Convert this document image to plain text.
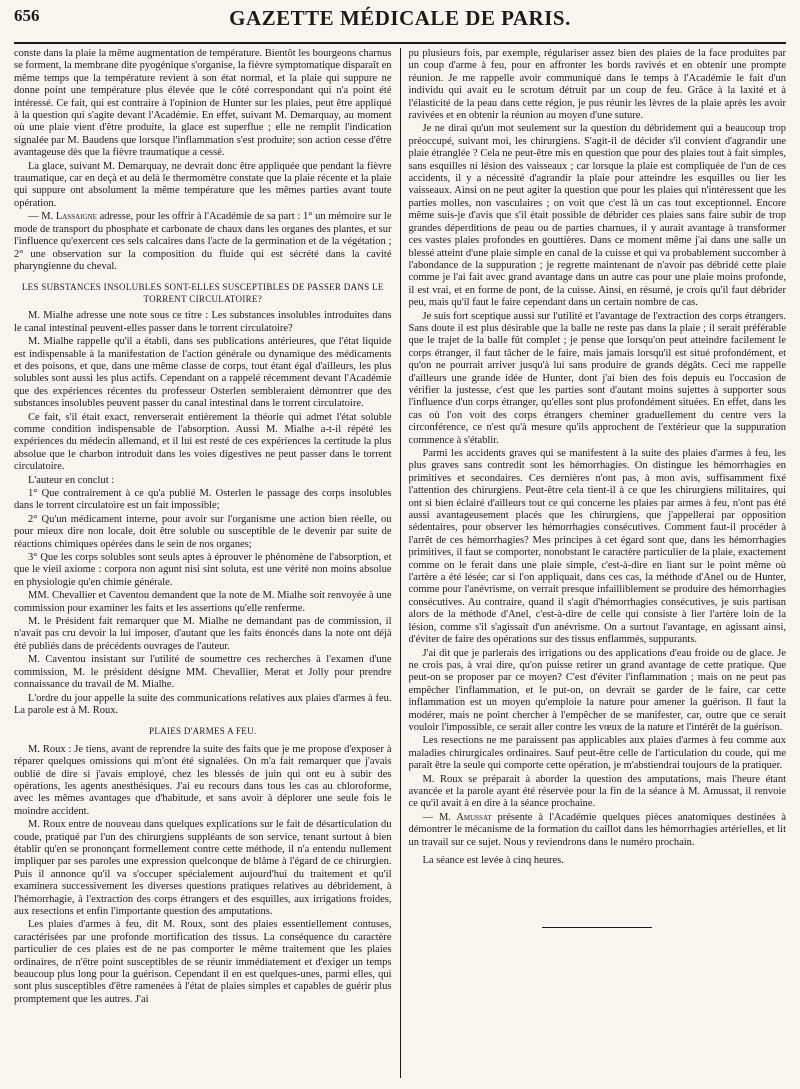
656	GAZETTE MÉDICALE DE PARIS.

conste dans la plaie la même augmentation de température. Bientôt les bourgeons charnus se forment, la membrane dite pyogénique s'organise, la fièvre symptomatique disparaît en même temps que la température revient à son état normal, et la plaie qui suppure ne donne point une température plus élevée que le côté correspondant qui n'a point été intéressé. Ce fait, qui est contraire à l'opinion de Hunter sur les plaies, peut être appliqué à la question qui s'agite devant l'Académie. En effet, suivant M. Demarquay, au moment où une plaie vient d'être produite, la glace est superflue ; elle ne remplit l'indication signalée par M. Baudens que lorsque l'inflammation s'est produite; son action cesse d'être avantageuse dès que la fièvre traumatique a cessé.

La glace, suivant M. Demarquay, ne devrait donc être appliquée que pendant la fièvre traumatique, car en deçà et au delà le thermomètre constate que la plaie récente et la plaie qui suppure ont absolument la même température que les mêmes parties avant toute opération.

— M. Lassaigne adresse, pour les offrir à l'Académie de sa part : 1° un mémoire sur le mode de transport du phosphate et carbonate de chaux dans les organes des plantes, et sur l'influence qu'exercent ces sels calcaires dans l'acte de la germination et de la végétation ; 2° une observation sur la composition du fluide qui est sécrété dans la cavité pharyngienne du cheval.

LES SUBSTANCES INSOLUBLES SONT-ELLES SUSCEPTIBLES DE PASSER DANS LE TORRENT CIRCULATOIRE?

M. Mialhe adresse une note sous ce titre : Les substances insolubles introduites dans le canal intestinal peuvent-elles passer dans le torrent circulatoire?

M. Mialhe rappelle qu'il a établi, dans ses publications antérieures, que l'état liquide est indispensable à la manifestation de l'action générale ou dynamique des médicaments et des poisons, et que, dans une même classe de corps, tout étant égal d'ailleurs, les plus solubles sont aussi les plus actifs. Cependant on a rappelé récemment devant l'Académie que des expériences récentes du professeur Osterlen sembleraient démontrer que des substances insolubles peuvent passer du canal intestinal dans le torrent circulatoire.

Ce fait, s'il était exact, renverserait entièrement la théorie qui admet l'état soluble comme condition indispensable de l'absorption. Aussi M. Mialhe a-t-il répété les expériences du médecin allemand, et il lui est resté de ces expériences la certitude la plus absolue que le charbon introduit dans les voies digestives ne peut passer dans le torrent circulatoire.

L'auteur en conclut :

1° Que contrairement à ce qu'a publié M. Osterlen le passage des corps insolubles dans le torrent circulatoire est un fait impossible;

2° Qu'un médicament interne, pour avoir sur l'organisme une action bien réelle, ou pour mieux dire non locale, doit être soluble ou susceptible de le devenir par suite de réactions chimiques opérées dans le sein de nos organes;

3° Que les corps solubles sont seuls aptes à éprouver le phénomène de l'absorption, et que le vieil axiome : corpora non agunt nisi sint soluta, est une vérité non moins absolue en physiologie qu'en chimie générale.

MM. Chevallier et Caventou demandent que la note de M. Mialhe soit renvoyée à une commission pour examiner les faits et les assertions qu'elle renferme.

M. le Président fait remarquer que M. Mialhe ne demandant pas de commission, il n'avait pas cru devoir la lui imposer, d'autant que les faits énoncés dans la note ont déjà été publiés dans de précédents ouvrages de l'auteur.

M. Caventou insistant sur l'utilité de soumettre ces recherches à l'examen d'une commission, M. le président désigne MM. Chevallier, Merat et Jolly pour prendre connaissance du travail de M. Mialhe.

L'ordre du jour appelle la suite des communications relatives aux plaies d'armes à feu. La parole est à M. Roux.

PLAIES D'ARMES A FEU.

M. Roux : Je tiens, avant de reprendre la suite des faits que je me propose d'exposer à réparer quelques omissions qui m'ont été signalées. On m'a fait remarquer que j'avais oublié de dire si j'avais employé, chez les blessés de juin qui ont eu à subir des opérations, les agents anesthésiques. J'ai eu recours dans tous les cas au chloroforme, avec les mêmes avantages que d'habitude, et sans avoir à déplorer une seule fois le moindre accident.

M. Roux entre de nouveau dans quelques explications sur le fait de désarticulation du coude, pratiqué par l'un des chirurgiens suppléants de son service, tenant surtout à bien établir qu'en se prononçant formellement contre cette méthode, il n'a entendu nullement impliquer par ses paroles une expression quelconque de blâme à l'égard de ce chirurgien. Puis il annonce qu'il va s'occuper spécialement aujourd'hui du traitement et qu'il examinera successivement les diverses questions pratiques relatives au débridement, à l'hémorrhagie, à l'extraction des corps étrangers et des esquilles, aux irrigations froides, aux resections et enfin l'importante question des amputations.

Les plaies d'armes à feu, dit M. Roux, sont des plaies essentiellement contuses, caractérisées par une profonde mortification des tissus. La conséquence du caractère particulier de ces plaies est de ne pas comporter le même traitement que les plaies ordinaires, de n'être point susceptibles de se réunir immédiatement et d'exiger un temps beaucoup plus long pour la guérison. Cependant il en est quelques-unes, parmi elles, qui sont plus susceptibles d'être ramenées à l'état de plaies simples et capables de guérir plus promptement que les autres. J'ai

pu plusieurs fois, par exemple, régulariser assez bien des plaies de la face produites par un coup d'arme à feu, pour en affronter les bords ravivés et en obtenir une prompte réunion. Je me rappelle avoir communiqué dans le temps à l'Académie le fait d'un individu qui avait eu le scrotum détruit par un coup de feu. Grâce à la laxité et à l'élasticité de la peau dans cette région, je pus réunir les lèvres de la plaie après les avoir ravivées et en obtenir la réunion au moyen d'une suture.

Je ne dirai qu'un mot seulement sur la question du débridement qui a beaucoup trop préoccupé, suivant moi, les chirurgiens. S'agit-il de décider s'il convient d'agrandir une plaie étranglée ? Cela ne peut-être mis en question que pour des plaies tout à fait simples, sans esquilles ni lésion des vaisseaux ; car lorsque la plaie est compliquée de l'un de ces accidents, il y a nécessité d'agrandir la plaie pour atteindre les esquilles ou lier les vaisseaux. Ainsi on ne peut agiter la question que pour les plaies qui n'intéressent que les parties molles, non vasculaires ; on voit que c'est là un cas tout exceptionnel. Encore même suis-je d'avis que s'il était possible de débrider ces plaies sans faire subir de trop grandes déperditions de peau ou de parties charnues, il y aurait avantage à transformer ces vastes plaies profondes en gouttières. Dans ce moment même j'ai dans une salle un blessé atteint d'une plaie simple en canal de la cuisse et qui va probablement succomber à l'abondance de la suppuration ; je regrette maintenant de n'avoir pas débridé cette plaie comme je l'ai fait avec grand avantage dans un autre cas pour une plaie moins profonde, il est vrai, et en forme de pont, de la cuisse. Ainsi, en résumé, je crois qu'il faut débrider peu, mais qu'il faut le faire cependant dans un certain nombre de cas.

Je suis fort sceptique aussi sur l'utilité et l'avantage de l'extraction des corps étrangers. Sans doute il est plus désirable que la balle ne reste pas dans la plaie ; il serait préférable que le trajet de la balle fût complet ; je pense que lorsqu'on peut atteindre facilement le corps étranger, il faut tâcher de le faire, mais jamais lorsqu'il est situé profondément, et qu'on ne pourrait arriver jusqu'à lui sans produire de grands dégâts. Ceci me rappelle d'ailleurs une grande idée de Hunter, dont j'ai bien des fois depuis eu l'occasion de vérifier la justesse, c'est que les parties sont d'autant moins sujettes à supporter sous l'influence d'un corps étranger, qu'elles sont plus profondément situées. En effet, dans les cas où l'on voit des corps étrangers cheminer graduellement du centre vers la circonférence, ce n'est qu'à mesure qu'ils approchent de l'extérieur que la suppuration commence à s'établir.

Parmi les accidents graves qui se manifestent à la suite des plaies d'armes à feu, les plus graves sans contredit sont les hémorrhagies. On distingue les hémorrhagies en primitives et secondaires. Ces dernières n'ont pas, à mon avis, suffisamment fixé l'attention des chirurgiens. Peut-être cela tient-il à ce que les chirurgiens militaires, qui ont si bien éclairé d'ailleurs tout ce qui concerne les plaies par armes à feu, n'ont pas été aussi avantageusement placés que les chirurgiens, que j'appellerai par opposition sédentaires, pour observer les hémorrhagies consécutives. Comment faut-il procéder à l'arrêt de ces hémorrhagies? Mes principes à cet égard sont que, dans les hémorrhagies primitives, il faut se comporter, nonobstant le caractère particulier de la plaie, exactement comme on le ferait dans une plaie simple, c'est-à-dire en liant sur le point même où l'artère a été lésée; car si l'on appliquait, dans ces cas, la méthode d'Anel ou de Hunter, comme pour l'anévrisme, on verrait presque infailliblement se produire des hémorrhagies consécutives. Au contraire, quand il s'agit d'hémorrhagies consécutives, je suis partisan alors de la méthode d'Anel, c'est-à-dire de celle qui consiste à lier l'artère loin de la lésion, comme s'il s'agissait d'un anévrisme. On a surtout l'avantage, en agissant ainsi, d'éviter de faire des opérations sur des tissus enflammés, suppurants.

J'ai dit que je parlerais des irrigations ou des applications d'eau froide ou de glace. Je ne crois pas, à vrai dire, qu'on puisse retirer un grand avantage de cette pratique. Que peut-on se proposer par ce moyen? C'est d'éviter l'inflammation ; mais on ne peut pas empêcher l'inflammation, et le put-on, on devrait se garder de le faire, car cette inflammation est un moyen qu'emploie la nature pour amener la guérison. Il faut la modérer, mais ne point chercher à l'empêcher de se manifester, car, outre que ce serait vouloir l'impossible, ce serait aller contre les vœux de la nature et l'intérêt de la guérison.

Les resections ne me paraissent pas applicables aux plaies d'armes à feu comme aux maladies chirurgicales ordinaires. Sauf peut-être celle de l'articulation du coude, qui me paraît être la seule qui comporte cette opération, je m'abstiendrai toujours de la pratiquer.

M. Roux se préparait à aborder la question des amputations, mais l'heure étant avancée et la parole ayant été réservée pour la fin de la séance à M. Amussat, il renvoie ce qu'il avait à en dire à la séance prochaine.

— M. Amussat présente à l'Académie quelques pièces anatomiques destinées à démontrer le mécanisme de la formation du caillot dans les hémorrhagies artérielles, et lit un travail sur ce sujet. Nous y reviendrons dans le numéro prochain.

La séance est levée à cinq heures.
